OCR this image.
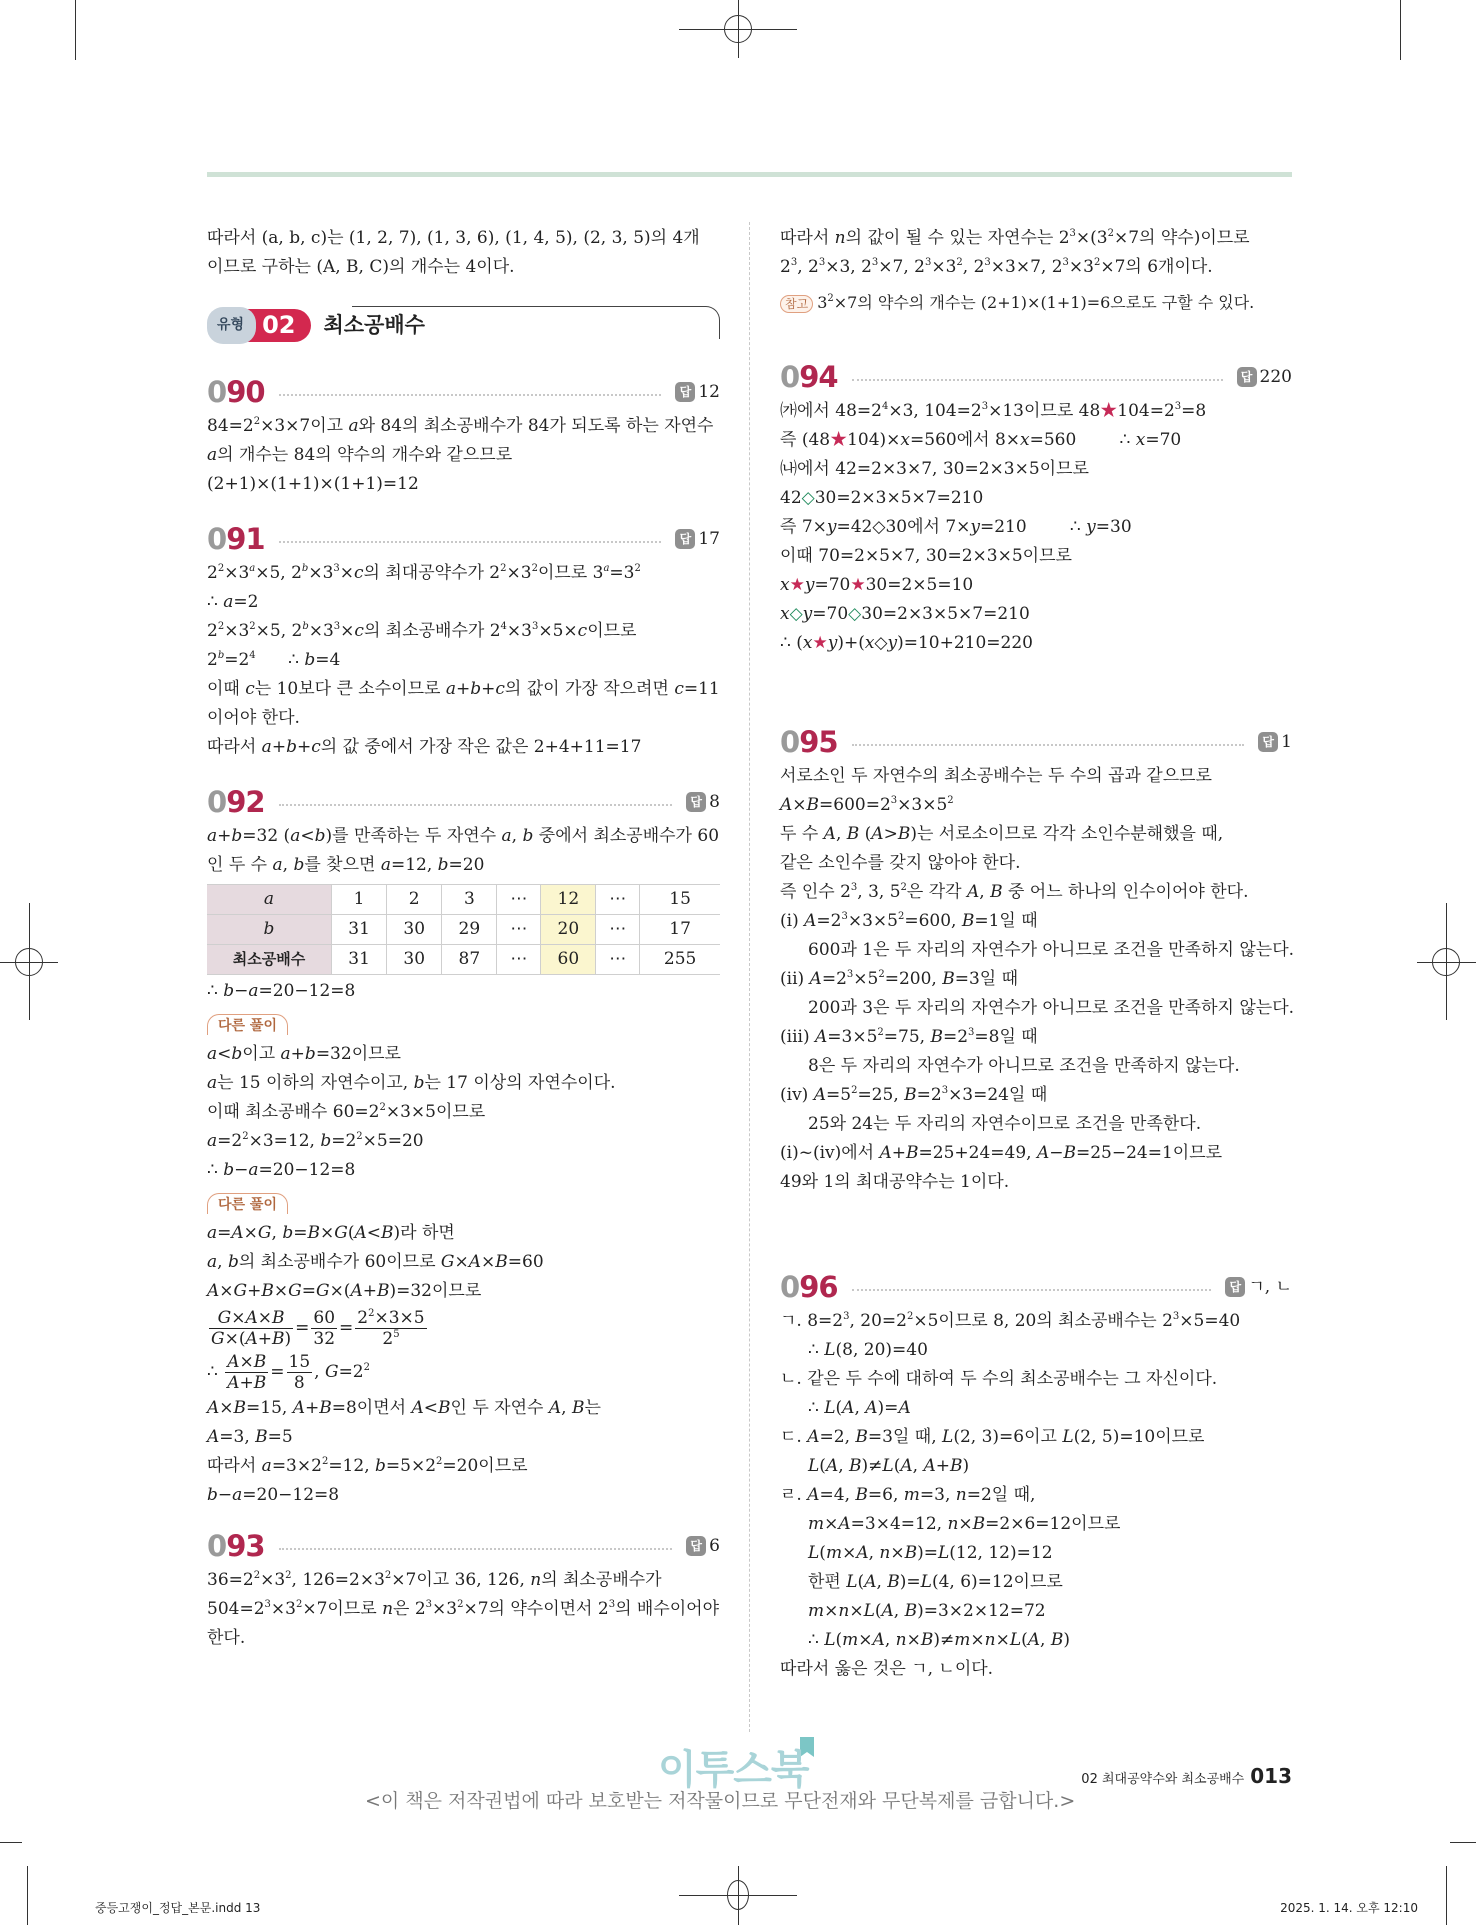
따라서 (a, b, c)는 (1, 2, 7), (1, 3, 6), (1, 4, 5), (2, 3, 5)의 4개

이므로 구하는 (A, B, C)의 개수는 4이다.

유형 02	최소공배수
090	답 12

$84=2^2\times 3\times 7$이고 a와 84의 최소공배수가 84가 되도록 하는 자연수

a의 개수는 84의 약수의 개수와 같으므로

(2+1)×(1+1)×(1+1)=12

091	답 17

$2^2\times 3^a\times 5$, $2^b\times 3^3\times c$의 최대공약수가 $2^2\times 3^2$이므로 $3^a=3^2$

∴ a=2

$2^2\times 3^2\times 5$, $2^b\times 3^3\times c$의 최소공배수가 $2^4\times 3^3\times 5\times c$이므로

$2^b=2^4$      ∴ b=4

이때 c는 10보다 큰 소수이므로 a+b+c의 값이 가장 작으려면 c=11

이어야 한다.

따라서 a+b+c의 값 중에서 가장 작은 값은 2+4+11=17

092	답 8

a+b=32 (a<b)를 만족하는 두 자연수 a, b 중에서 최소공배수가 60

인 두 수 a, b를 찾으면 a=12, b=20

a	1	2	3	⋯	12	⋯	15
b	31	30	29	⋯	20	⋯	17
최소공배수	31	30	87	⋯	60	⋯	255

∴ b−a=20−12=8

다른 풀이

a<b이고 a+b=32이므로

a는 15 이하의 자연수이고, b는 17 이상의 자연수이다.

이때 최소공배수 $60=2^2\times 3\times 5$이므로

$a=2^2\times 3=12$, $b=2^2\times 5=20$

∴ b−a=20−12=8

다른 풀이

a=A×G, b=B×G(A<B)라 하면

a, b의 최소공배수가 60이므로 G×A×B=60

A×G+B×G=G×(A+B)=32이므로

$\frac{G\times A\times B}{G\times(A+B)} = \frac{60}{32} = \frac{2^2\times 3\times 5}{2^5}$

∴ $\frac{A\times B}{A+B} = \frac{15}{8}$ , $G=2^2$

A×B=15, A+B=8이면서 A<B인 두 자연수 A, B는

A=3, B=5

따라서 $a=3\times 2^2=12$, $b=5\times 2^2=20$이므로

b−a=20−12=8

093	답 6

$36=2^2\times 3^2$, $126=2\times 3^2\times 7$이고 36, 126, n의 최소공배수가

$504=2^3\times 3^2\times 7$이므로 n은 $2^3\times 3^2\times 7$의 약수이면서 $2^3$의 배수이어야

한다.

따라서 n의 값이 될 수 있는 자연수는 $2^3\times(3^2\times 7$의 약수)이므로

$2^3$, $2^3\times 3$, $2^3\times 7$, $2^3\times 3^2$, $2^3\times 3\times 7$, $2^3\times 3^2\times 7$의 6개이다.

참고 $3^2\times 7$의 약수의 개수는 (2+1)×(1+1)=6으로도 구할 수 있다.

094	답 220

㈎에서 $48=2^4\times 3$, $104=2^3\times 13$이므로 $48★104=2^3=8$

즉 (48★104)×x=560에서 8×x=560        ∴ x=70

㈏에서 42=2×3×7, 30=2×3×5이므로

42◇30=2×3×5×7=210

즉 7×y=42◇30에서 7×y=210        ∴ y=30

이때 70=2×5×7, 30=2×3×5이므로

x★y=70★30=2×5=10

x◇y=70◇30=2×3×5×7=210

∴ (x★y)+(x◇y)=10+210=220

095	답 1

서로소인 두 자연수의 최소공배수는 두 수의 곱과 같으므로

$A\times B=600=2^3\times 3\times 5^2$

두 수 A, B (A>B)는 서로소이므로 각각 소인수분해했을 때,

같은 소인수를 갖지 않아야 한다.

즉 인수 $2^3$, 3, $5^2$은 각각 A, B 중 어느 하나의 인수이어야 한다.

(i) $A=2^3\times 3\times 5^2=600$, B=1일 때

600과 1은 두 자리의 자연수가 아니므로 조건을 만족하지 않는다.

(ii) $A=2^3\times 5^2=200$, B=3일 때

200과 3은 두 자리의 자연수가 아니므로 조건을 만족하지 않는다.

(iii) $A=3\times 5^2=75$, $B=2^3=8$일 때

8은 두 자리의 자연수가 아니므로 조건을 만족하지 않는다.

(iv) $A=5^2=25$, $B=2^3\times 3=24$일 때

25와 24는 두 자리의 자연수이므로 조건을 만족한다.

(i)~(iv)에서 A+B=25+24=49, A−B=25−24=1이므로

49와 1의 최대공약수는 1이다.

096	답 ㄱ, ㄴ

ㄱ. $8=2^3$, $20=2^2\times 5$이므로 8, 20의 최소공배수는 $2^3\times 5=40$

∴ L(8, 20)=40

ㄴ. 같은 두 수에 대하여 두 수의 최소공배수는 그 자신이다.

∴ L(A, A)=A

ㄷ. A=2, B=3일 때, L(2, 3)=6이고 L(2, 5)=10이므로

L(A, B)≠L(A, A+B)

ㄹ. A=4, B=6, m=3, n=2일 때,

m×A=3×4=12, n×B=2×6=12이므로

L(m×A, n×B)=L(12, 12)=12

한편 L(A, B)=L(4, 6)=12이므로

m×n×L(A, B)=3×2×12=72

∴ L(m×A, n×B)≠m×n×L(A, B)

따라서 옳은 것은 ㄱ, ㄴ이다.

이투스북	02 최대공약수와 최소공배수 013
<이 책은 저작권법에 따라 보호받는 저작물이므로 무단전재와 무단복제를 금합니다.>
중등고쟁이_정답_본문.indd 13	2025. 1. 14. 오후 12:10
